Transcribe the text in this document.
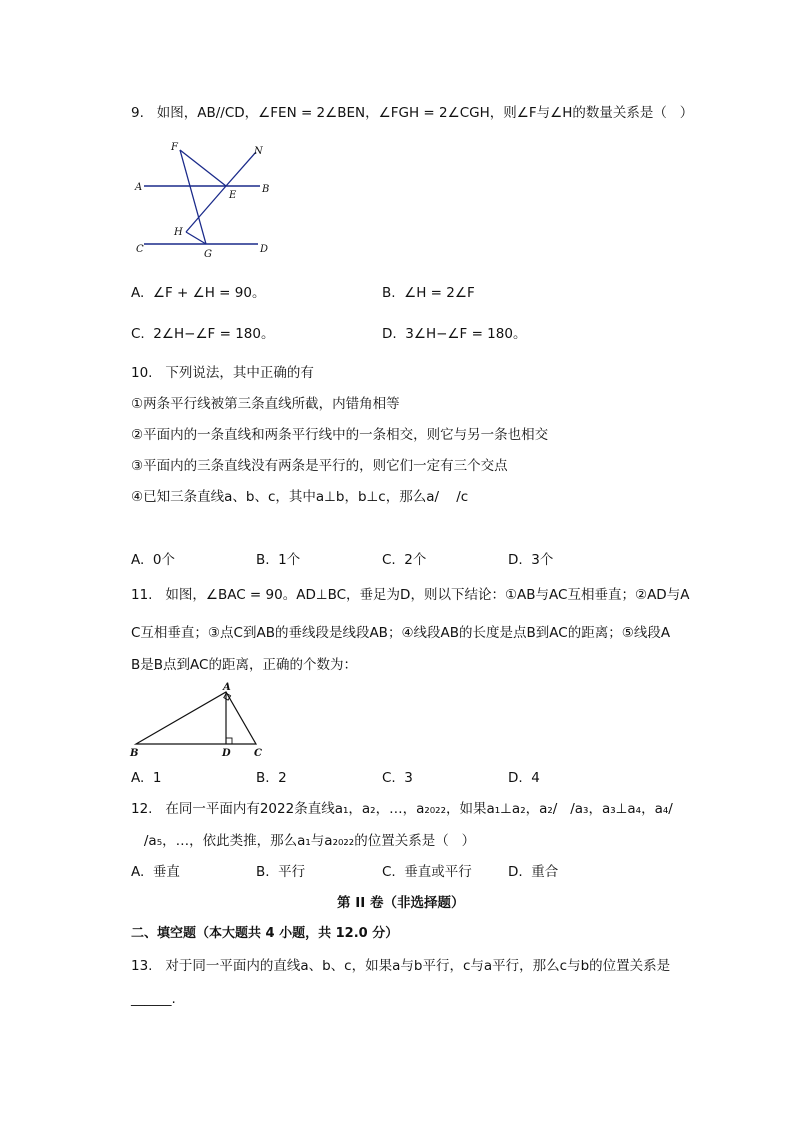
9.   如图，AB//CD，∠FEN = 2∠BEN，∠FGH = 2∠CGH，则∠F与∠H的数量关系是（   ）
F	N
A
E
B
H
C	G	D
A.  ∠F + ∠H = 90。	B.  ∠H = 2∠F
C.  2∠H−∠F = 180。	D.  3∠H−∠F = 180。
10.   下列说法，其中正确的有
①两条平行线被第三条直线所截，内错角相等
②平面内的一条直线和两条平行线中的一条相交，则它与另一条也相交
③平面内的三条直线没有两条是平行的，则它们一定有三个交点
④已知三条直线a、b、c，其中a⊥b，b⊥c，那么a/    /c
A.  0个	B.  1个	C.  2个	D.  3个
11.   如图，∠BAC = 90。AD⊥BC，垂足为D，则以下结论：①AB与AC互相垂直；②AD与A
C互相垂直；③点C到AB的垂线段是线段AB；④线段AB的长度是点B到AC的距离；⑤线段A
B是B点到AC的距离，正确的个数为：
A
B	D C
A.  1	B.  2	C.  3	D.  4
12.   在同一平面内有2022条直线a₁，a₂，…，a₂₀₂₂，如果a₁⊥a₂，a₂/   /a₃，a₃⊥a₄，a₄/
/a₅，…，依此类推，那么a₁与a₂₀₂₂的位置关系是（   ）
A.  垂直	B.  平行	C.  垂直或平行	D.  重合
第 II 卷（非选择题）
二、填空题（本大题共 4 小题，共 12.0 分）
13.   对于同一平面内的直线a、b、c，如果a与b平行，c与a平行，那么c与b的位置关系是
______.
